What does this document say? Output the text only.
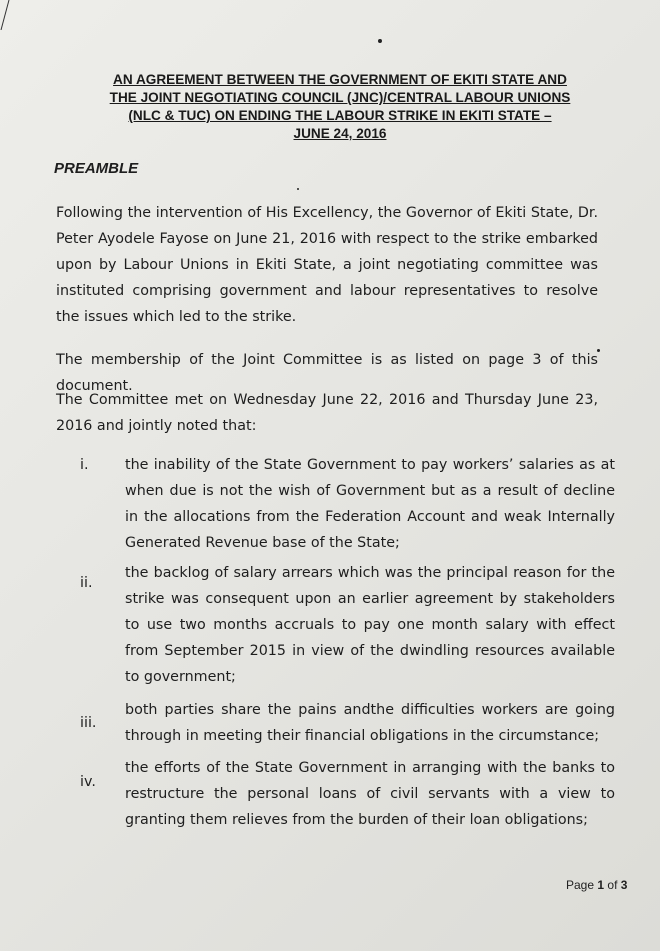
AN AGREEMENT BETWEEN THE GOVERNMENT OF EKITI STATE AND
THE JOINT NEGOTIATING COUNCIL (JNC)/CENTRAL LABOUR UNIONS
(NLC & TUC) ON ENDING THE LABOUR STRIKE IN EKITI STATE –
JUNE 24, 2016
PREAMBLE

Following the intervention of His Excellency, the Governor of Ekiti State, Dr. Peter Ayodele Fayose on June 21, 2016 with respect to the strike embarked upon by Labour Unions in Ekiti State, a joint negotiating committee was instituted comprising government and labour representatives to resolve the issues which led to the strike.

The membership of the Joint Committee is as listed on page 3 of this document.

The Committee met on Wednesday June 22, 2016 and Thursday June 23, 2016 and jointly noted that:

i.	the inability of the State Government to pay workers’ salaries as at when due is not the wish of Government but as a result of decline in the allocations from the Federation Account and weak Internally Generated Revenue base of the State;
ii.
the backlog of salary arrears which was the principal reason for the strike was consequent upon an earlier agreement by stakeholders to use two months accruals to pay one month salary with effect from September 2015 in view of the dwindling resources available to government;
iii.
both parties share the pains andthe difficulties workers are going through in meeting their financial obligations in the circumstance;
iv.
the efforts of the State Government in arranging with the banks to restructure the personal loans of civil servants with a view to granting them relieves from the burden of their loan obligations;
Page 1 of 3
